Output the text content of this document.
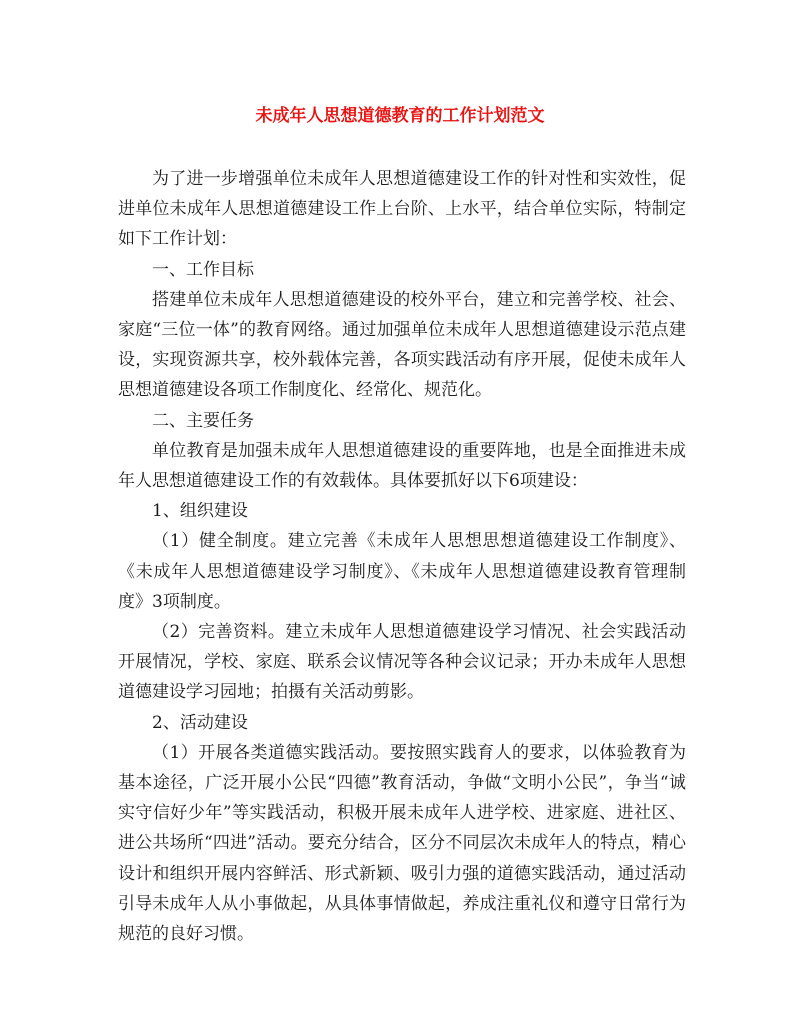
未成年人思想道德教育的工作计划范文

为了进一步增强单位未成年人思想道德建设工作的针对性和实效性，促进单位未成年人思想道德建设工作上台阶、上水平，结合单位实际，特制定如下工作计划：

一、工作目标

搭建单位未成年人思想道德建设的校外平台，建立和完善学校、社会、家庭“三位一体”的教育网络。通过加强单位未成年人思想道德建设示范点建设，实现资源共享，校外载体完善，各项实践活动有序开展，促使未成年人思想道德建设各项工作制度化、经常化、规范化。

二、主要任务

单位教育是加强未成年人思想道德建设的重要阵地，也是全面推进未成年人思想道德建设工作的有效载体。具体要抓好以下6项建设：

1、组织建设

（1）健全制度。建立完善《未成年人思想思想道德建设工作制度》、《未成年人思想道德建设学习制度》、《未成年人思想道德建设教育管理制度》3项制度。

（2）完善资料。建立未成年人思想道德建设学习情况、社会实践活动开展情况，学校、家庭、联系会议情况等各种会议记录；开办未成年人思想道德建设学习园地；拍摄有关活动剪影。

2、活动建设

（1）开展各类道德实践活动。要按照实践育人的要求，以体验教育为基本途径，广泛开展小公民“四德”教育活动，争做“文明小公民”，争当“诚实守信好少年”等实践活动，积极开展未成年人进学校、进家庭、进社区、进公共场所“四进”活动。要充分结合，区分不同层次未成年人的特点，精心设计和组织开展内容鲜活、形式新颖、吸引力强的道德实践活动，通过活动引导未成年人从小事做起，从具体事情做起，养成注重礼仪和遵守日常行为规范的良好习惯。
